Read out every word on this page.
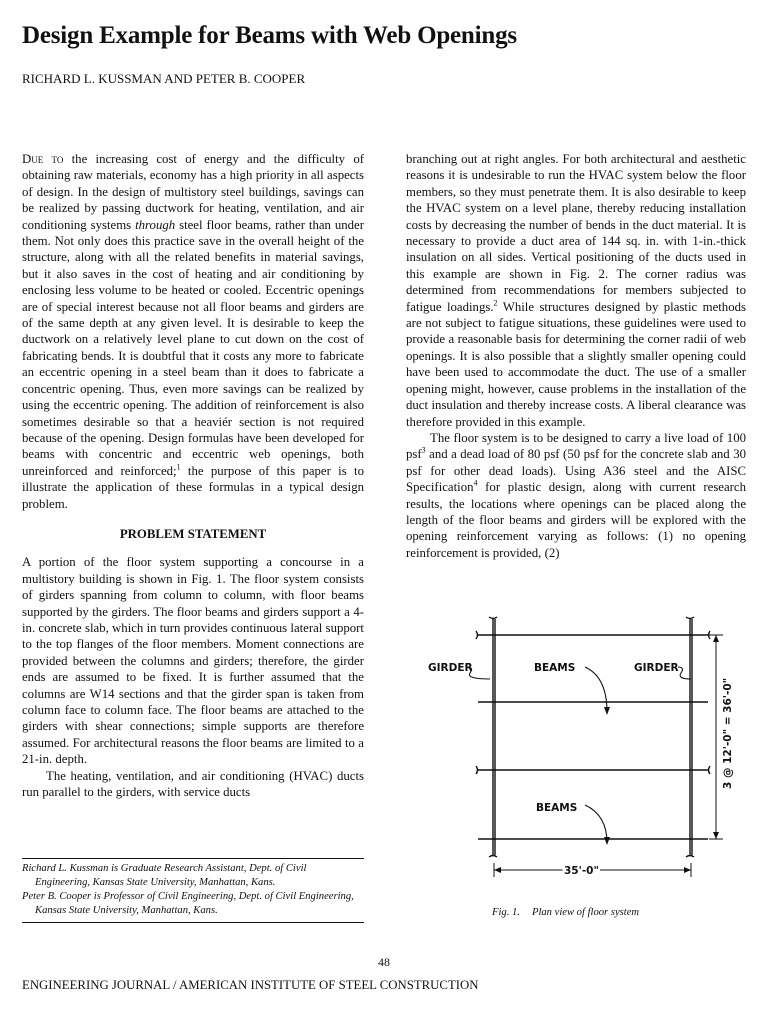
Design Example for Beams with Web Openings
RICHARD L. KUSSMAN AND PETER B. COOPER

Due to the increasing cost of energy and the difficulty of obtaining raw materials, economy has a high priority in all aspects of design. In the design of multistory steel buildings, savings can be realized by passing ductwork for heating, ventilation, and air conditioning systems through steel floor beams, rather than under them. Not only does this practice save in the overall height of the structure, along with all the related benefits in material savings, but it also saves in the cost of heating and air conditioning by enclosing less volume to be heated or cooled. Eccentric openings are of special interest because not all floor beams and girders are of the same depth at any given level. It is desirable to keep the ductwork on a relatively level plane to cut down on the cost of fabricating bends. It is doubtful that it costs any more to fabricate an eccentric opening in a steel beam than it does to fabricate a concentric opening. Thus, even more savings can be realized by using the eccentric opening. The addition of reinforcement is also sometimes desirable so that a heaviér section is not required because of the opening. Design formulas have been developed for beams with concentric and eccentric web openings, both unreinforced and reinforced;$^1$ the purpose of this paper is to illustrate the application of these formulas in a typical design problem.

PROBLEM STATEMENT

A portion of the floor system supporting a concourse in a multistory building is shown in Fig. 1. The floor system consists of girders spanning from column to column, with floor beams supported by the girders. The floor beams and girders support a 4-in. concrete slab, which in turn provides continuous lateral support to the top flanges of the floor members. Moment connections are provided between the columns and girders; therefore, the girder ends are assumed to be fixed. It is further assumed that the columns are W14 sections and that the girder span is taken from column face to column face. The floor beams are attached to the girders with shear connections; simple supports are therefore assumed. For architectural reasons the floor beams are limited to a 21-in. depth.

The heating, ventilation, and air conditioning (HVAC) ducts run parallel to the girders, with service ducts

branching out at right angles. For both architectural and aesthetic reasons it is undesirable to run the HVAC system below the floor members, so they must penetrate them. It is also desirable to keep the HVAC system on a level plane, thereby reducing installation costs by decreasing the number of bends in the duct material. It is necessary to provide a duct area of 144 sq. in. with 1-in.-thick insulation on all sides. Vertical positioning of the ducts used in this example are shown in Fig. 2. The corner radius was determined from recommendations for members subjected to fatigue loadings.$^2$ While structures designed by plastic methods are not subject to fatigue situations, these guidelines were used to provide a reasonable basis for determining the corner radii of web openings. It is also possible that a slightly smaller opening could have been used to accommodate the duct. The use of a smaller opening might, however, cause problems in the installation of the duct insulation and thereby increase costs. A liberal clearance was therefore provided in this example.

The floor system is to be designed to carry a live load of 100 psf$^3$ and a dead load of 80 psf (50 psf for the concrete slab and 30 psf for other dead loads). Using A36 steel and the AISC Specification$^4$ for plastic design, along with current research results, the locations where openings can be placed along the length of the floor beams and girders will be explored with the opening reinforcement varying as follows: (1) no opening reinforcement is provided, (2)

GIRDER	BEAMS	GIRDER
BEAMS
35'-0"
3 @ 12'-0" = 36'-0"
Fig. 1. Plan view of floor system

Richard L. Kussman is Graduate Research Assistant, Dept. of Civil Engineering, Kansas State University, Manhattan, Kans.

Peter B. Cooper is Professor of Civil Engineering, Dept. of Civil Engineering, Kansas State University, Manhattan, Kans.

48
ENGINEERING JOURNAL / AMERICAN INSTITUTE OF STEEL CONSTRUCTION
